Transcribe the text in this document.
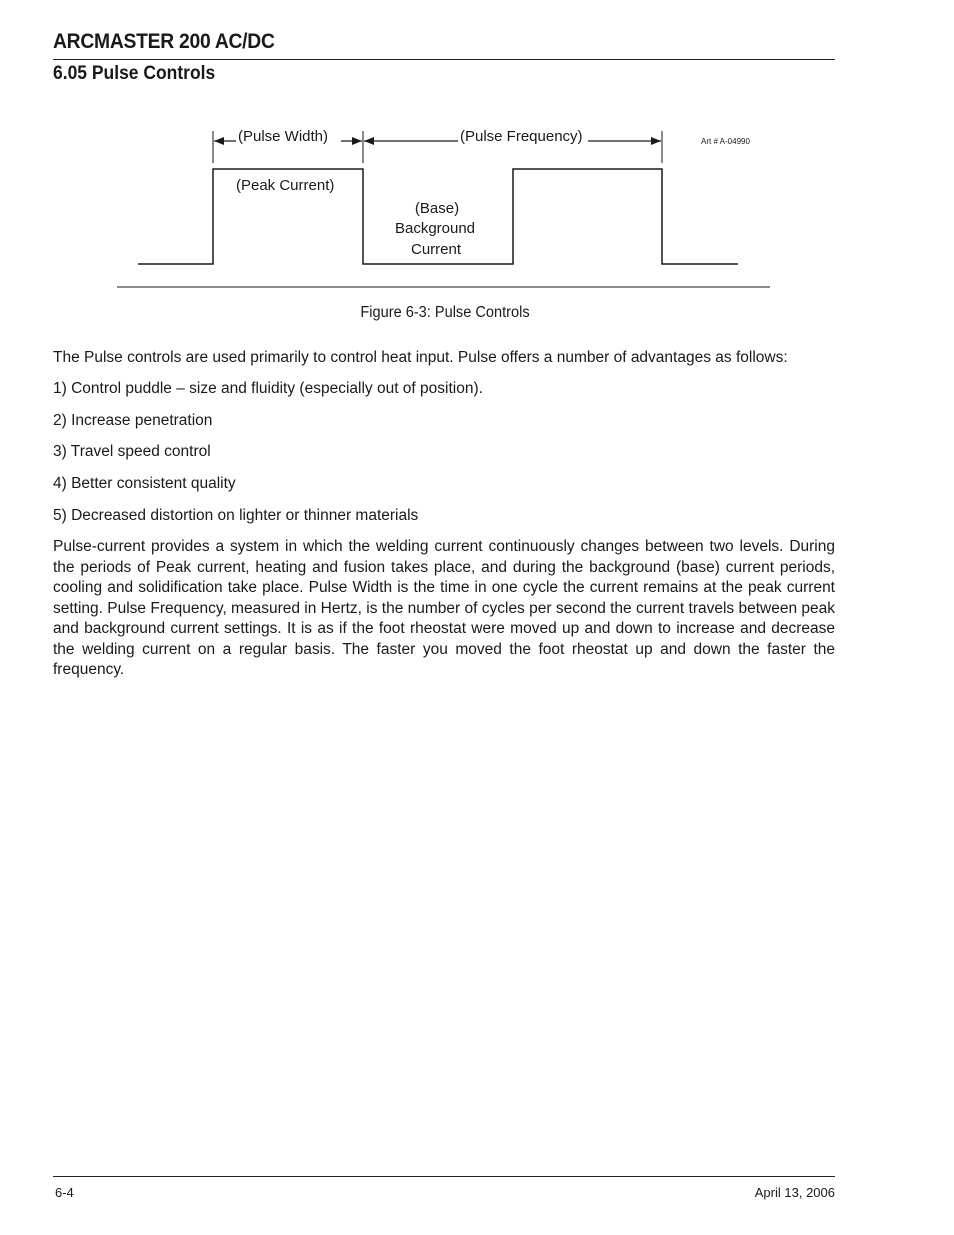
ARCMASTER 200 AC/DC
6.05 Pulse Controls
(Pulse Width)	(Pulse Frequency)	Art # A-04990
(Peak Current)
(Base)
Background
Current
Figure 6-3: Pulse Controls
The Pulse controls are used primarily to control heat input. Pulse offers a number of advantages as follows:
1) Control puddle – size and fluidity (especially out of position).
2) Increase penetration
3) Travel speed control
4) Better consistent quality
5) Decreased distortion on lighter or thinner materials
Pulse-current provides a system in which the welding current continuously changes between two levels. During the periods of Peak current, heating and fusion takes place, and during the background (base) current periods, cooling and solidification take place. Pulse Width is the time in one cycle the current remains at the peak current setting. Pulse Frequency, measured in Hertz, is the number of cycles per second the current travels between peak and background current settings. It is as if the foot rheostat were moved up and down to increase and decrease the welding current on a regular basis. The faster you moved the foot rheostat up and down the faster the frequency.
6-4	April 13, 2006
